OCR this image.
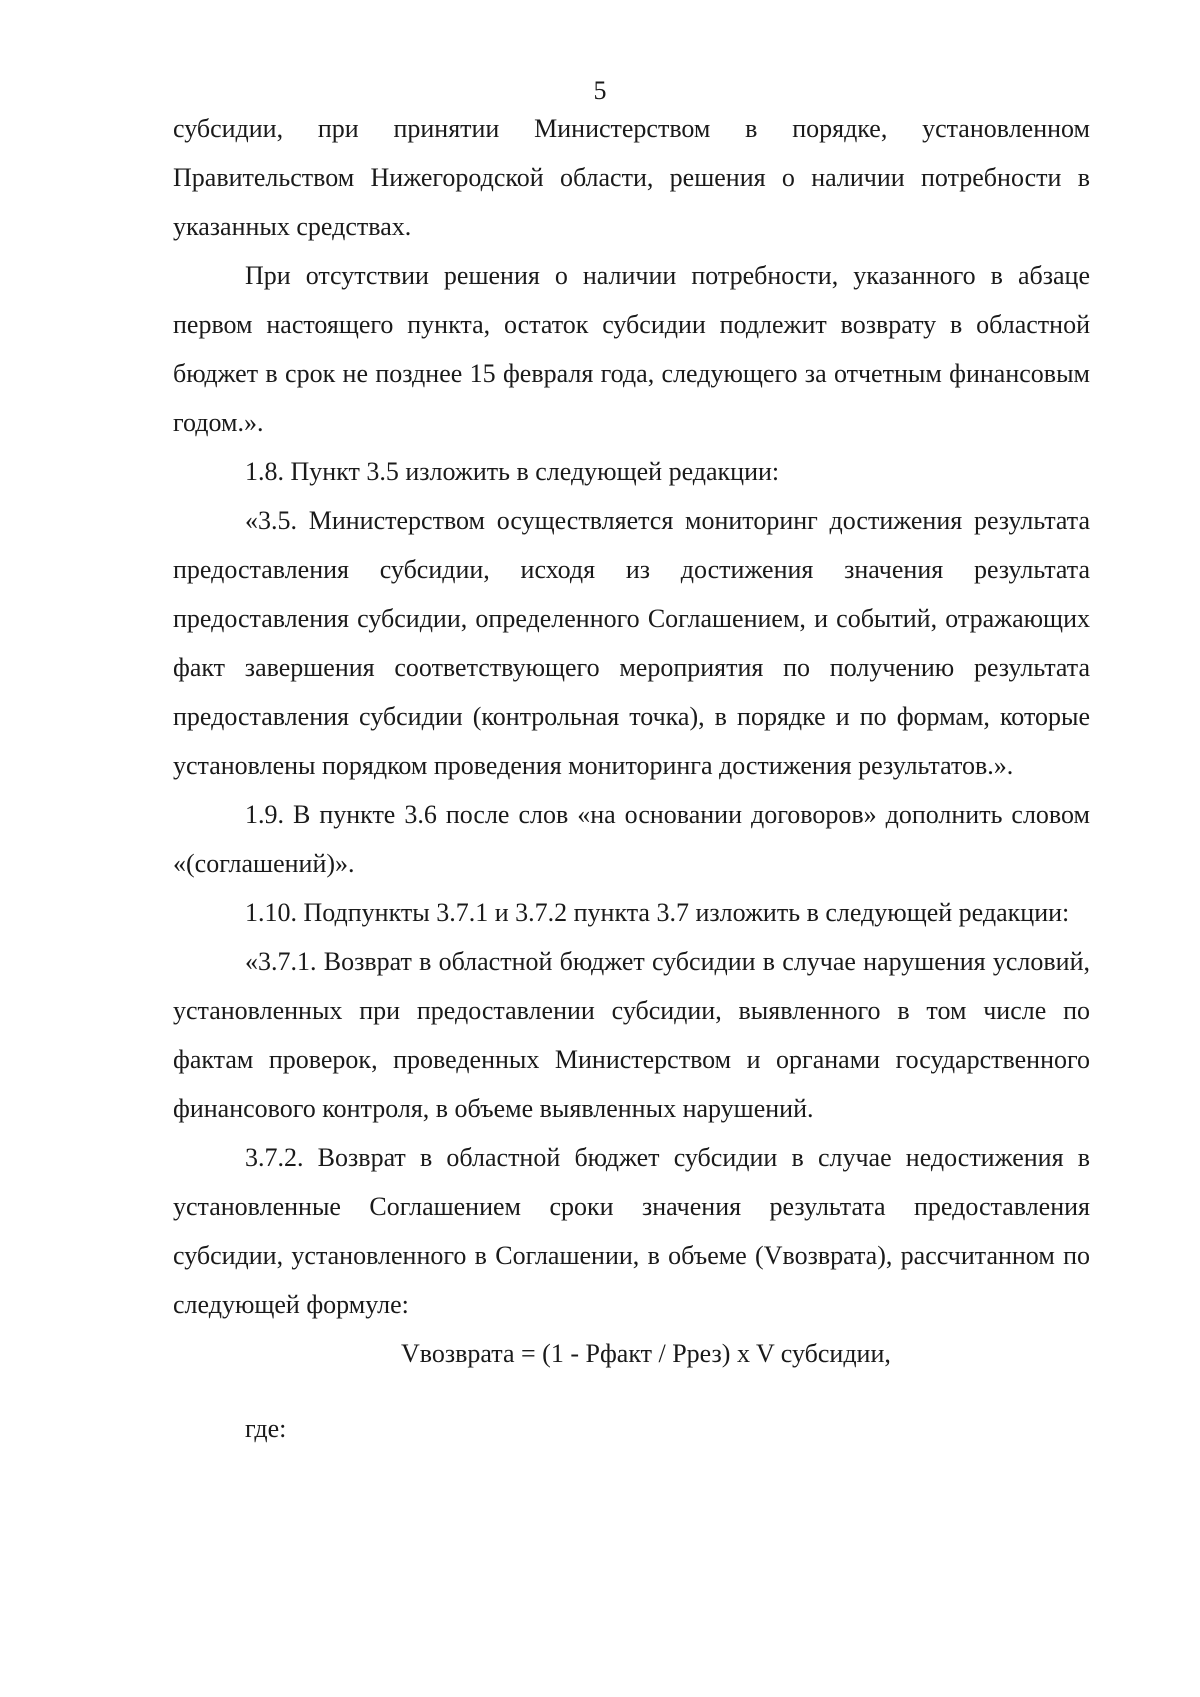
5

субсидии, при принятии Министерством в порядке, установленном Правительством Нижегородской области, решения о наличии потребности в указанных средствах.

При отсутствии решения о наличии потребности, указанного в абзаце первом настоящего пункта, остаток субсидии подлежит возврату в областной бюджет в срок не позднее 15 февраля года, следующего за отчетным финансовым годом.».

1.8. Пункт 3.5 изложить в следующей редакции:

«3.5. Министерством осуществляется мониторинг достижения результата предоставления субсидии, исходя из достижения значения результата предоставления субсидии, определенного Соглашением, и событий, отражающих факт завершения соответствующего мероприятия по получению результата предоставления субсидии (контрольная точка), в порядке и по формам, которые установлены порядком проведения мониторинга достижения результатов.».

1.9. В пункте 3.6 после слов «на основании договоров» дополнить словом «(соглашений)».

1.10. Подпункты 3.7.1 и 3.7.2 пункта 3.7 изложить в следующей редакции:

«3.7.1. Возврат в областной бюджет субсидии в случае нарушения условий, установленных при предоставлении субсидии, выявленного в том числе по фактам проверок, проведенных Министерством и органами государственного финансового контроля, в объеме выявленных нарушений.

3.7.2. Возврат в областной бюджет субсидии в случае недостижения в установленные Соглашением сроки значения результата предоставления субсидии, установленного в Соглашении, в объеме (Vвозврата), рассчитанном по следующей формуле:

Vвозврата = (1 - Pфакт / Pрез) x V субсидии,

где:
